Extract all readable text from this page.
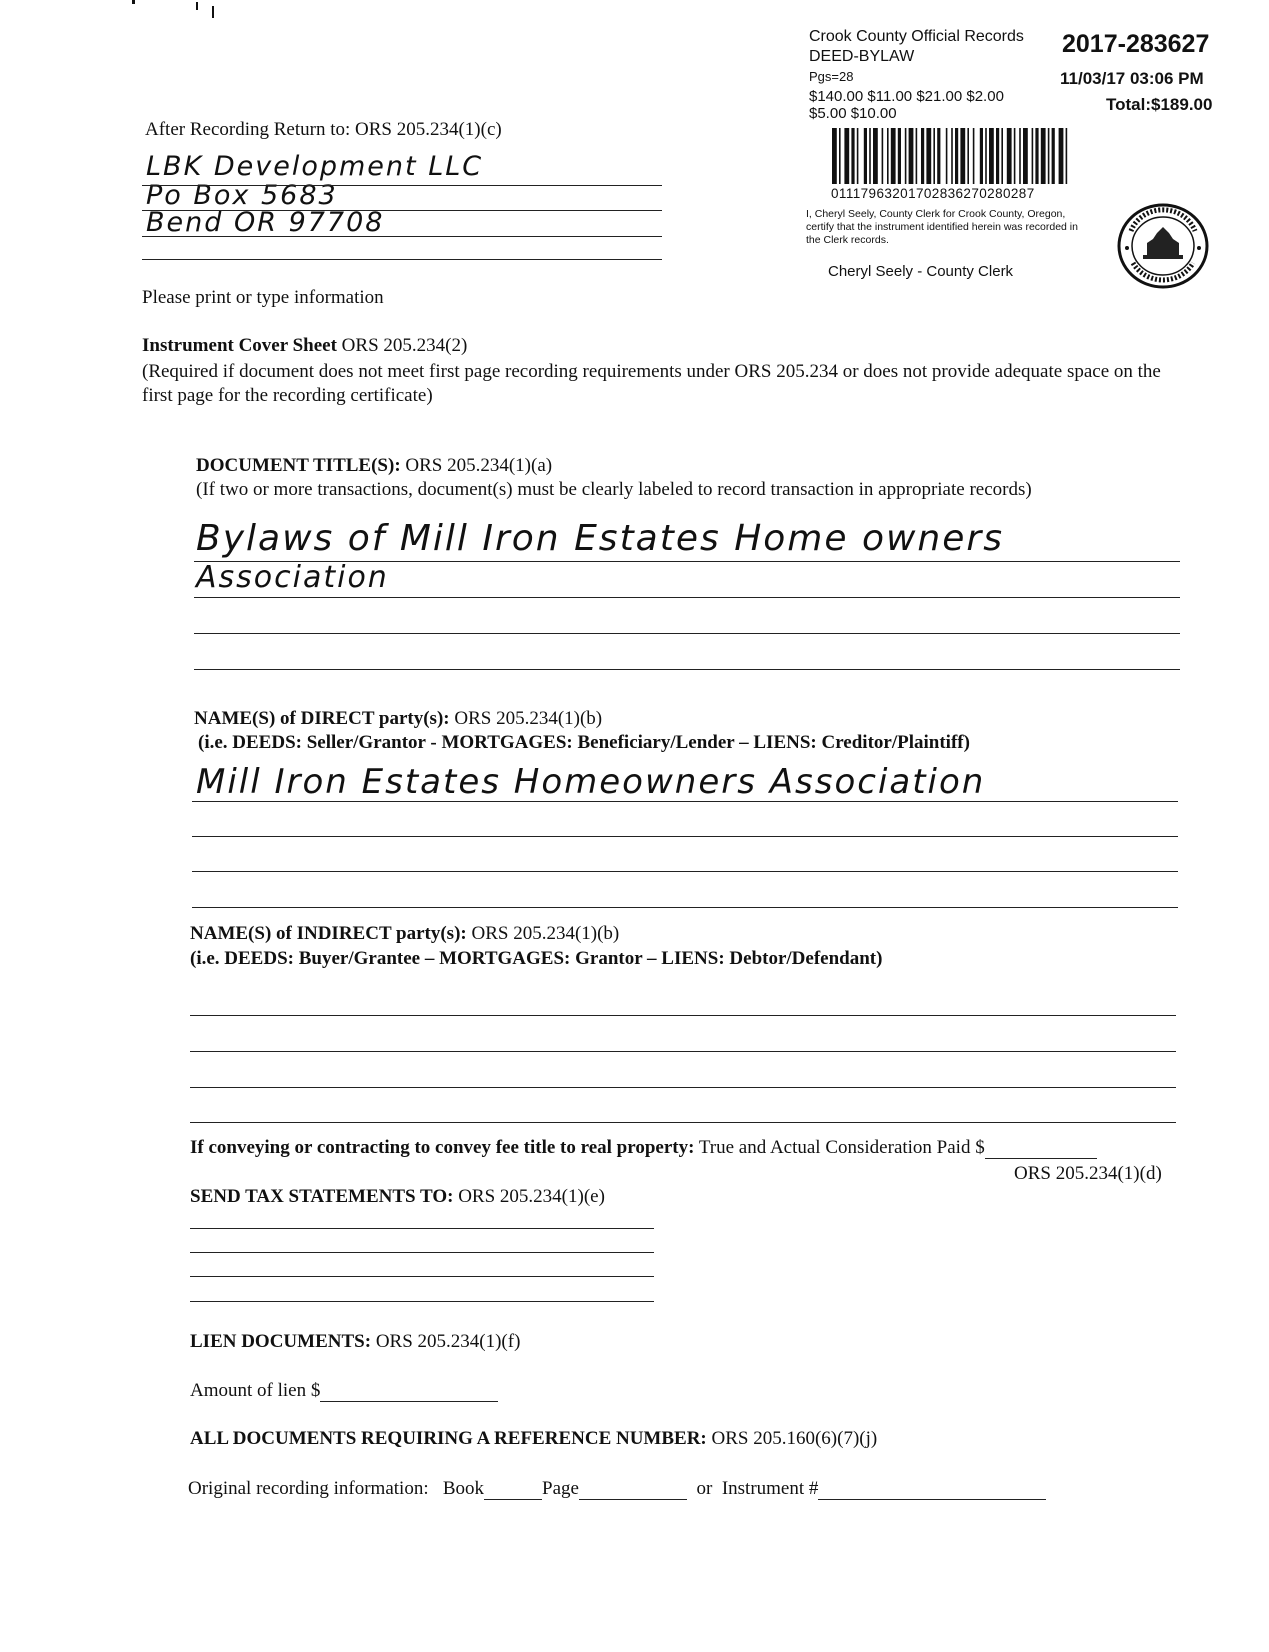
Crook County Official Records
DEED-BYLAW
Pgs=28
$140.00 $11.00 $21.00 $2.00
$5.00 $10.00
2017-283627
11/03/17 03:06 PM
Total:$189.00
01117963201702836270280287
I, Cheryl Seely, County Clerk for Crook County, Oregon, certify that the instrument identified herein was recorded in the Clerk records.
Cheryl Seely - County Clerk
After Recording Return to: ORS 205.234(1)(c)
LBK Development LLC
Po Box 5683
Bend OR 97708
Please print or type information
Instrument Cover Sheet ORS 205.234(2)
(Required if document does not meet first page recording requirements under ORS 205.234 or does not provide adequate space on the first page for the recording certificate)
DOCUMENT TITLE(S): ORS 205.234(1)(a)
(If two or more transactions, document(s) must be clearly labeled to record transaction in appropriate records)
Bylaws of Mill Iron Estates Home owners
Association
NAME(S) of DIRECT party(s): ORS 205.234(1)(b)
(i.e. DEEDS: Seller/Grantor - MORTGAGES: Beneficiary/Lender – LIENS: Creditor/Plaintiff)
Mill Iron Estates Homeowners Association
NAME(S) of INDIRECT party(s): ORS 205.234(1)(b)
(i.e. DEEDS: Buyer/Grantee – MORTGAGES: Grantor – LIENS: Debtor/Defendant)
If conveying or contracting to convey fee title to real property: True and Actual Consideration Paid $
ORS 205.234(1)(d)
SEND TAX STATEMENTS TO: ORS 205.234(1)(e)
LIEN DOCUMENTS: ORS 205.234(1)(f)
Amount of lien $
ALL DOCUMENTS REQUIRING A REFERENCE NUMBER: ORS 205.160(6)(7)(j)
Original recording information: Book	Page	or Instrument #
